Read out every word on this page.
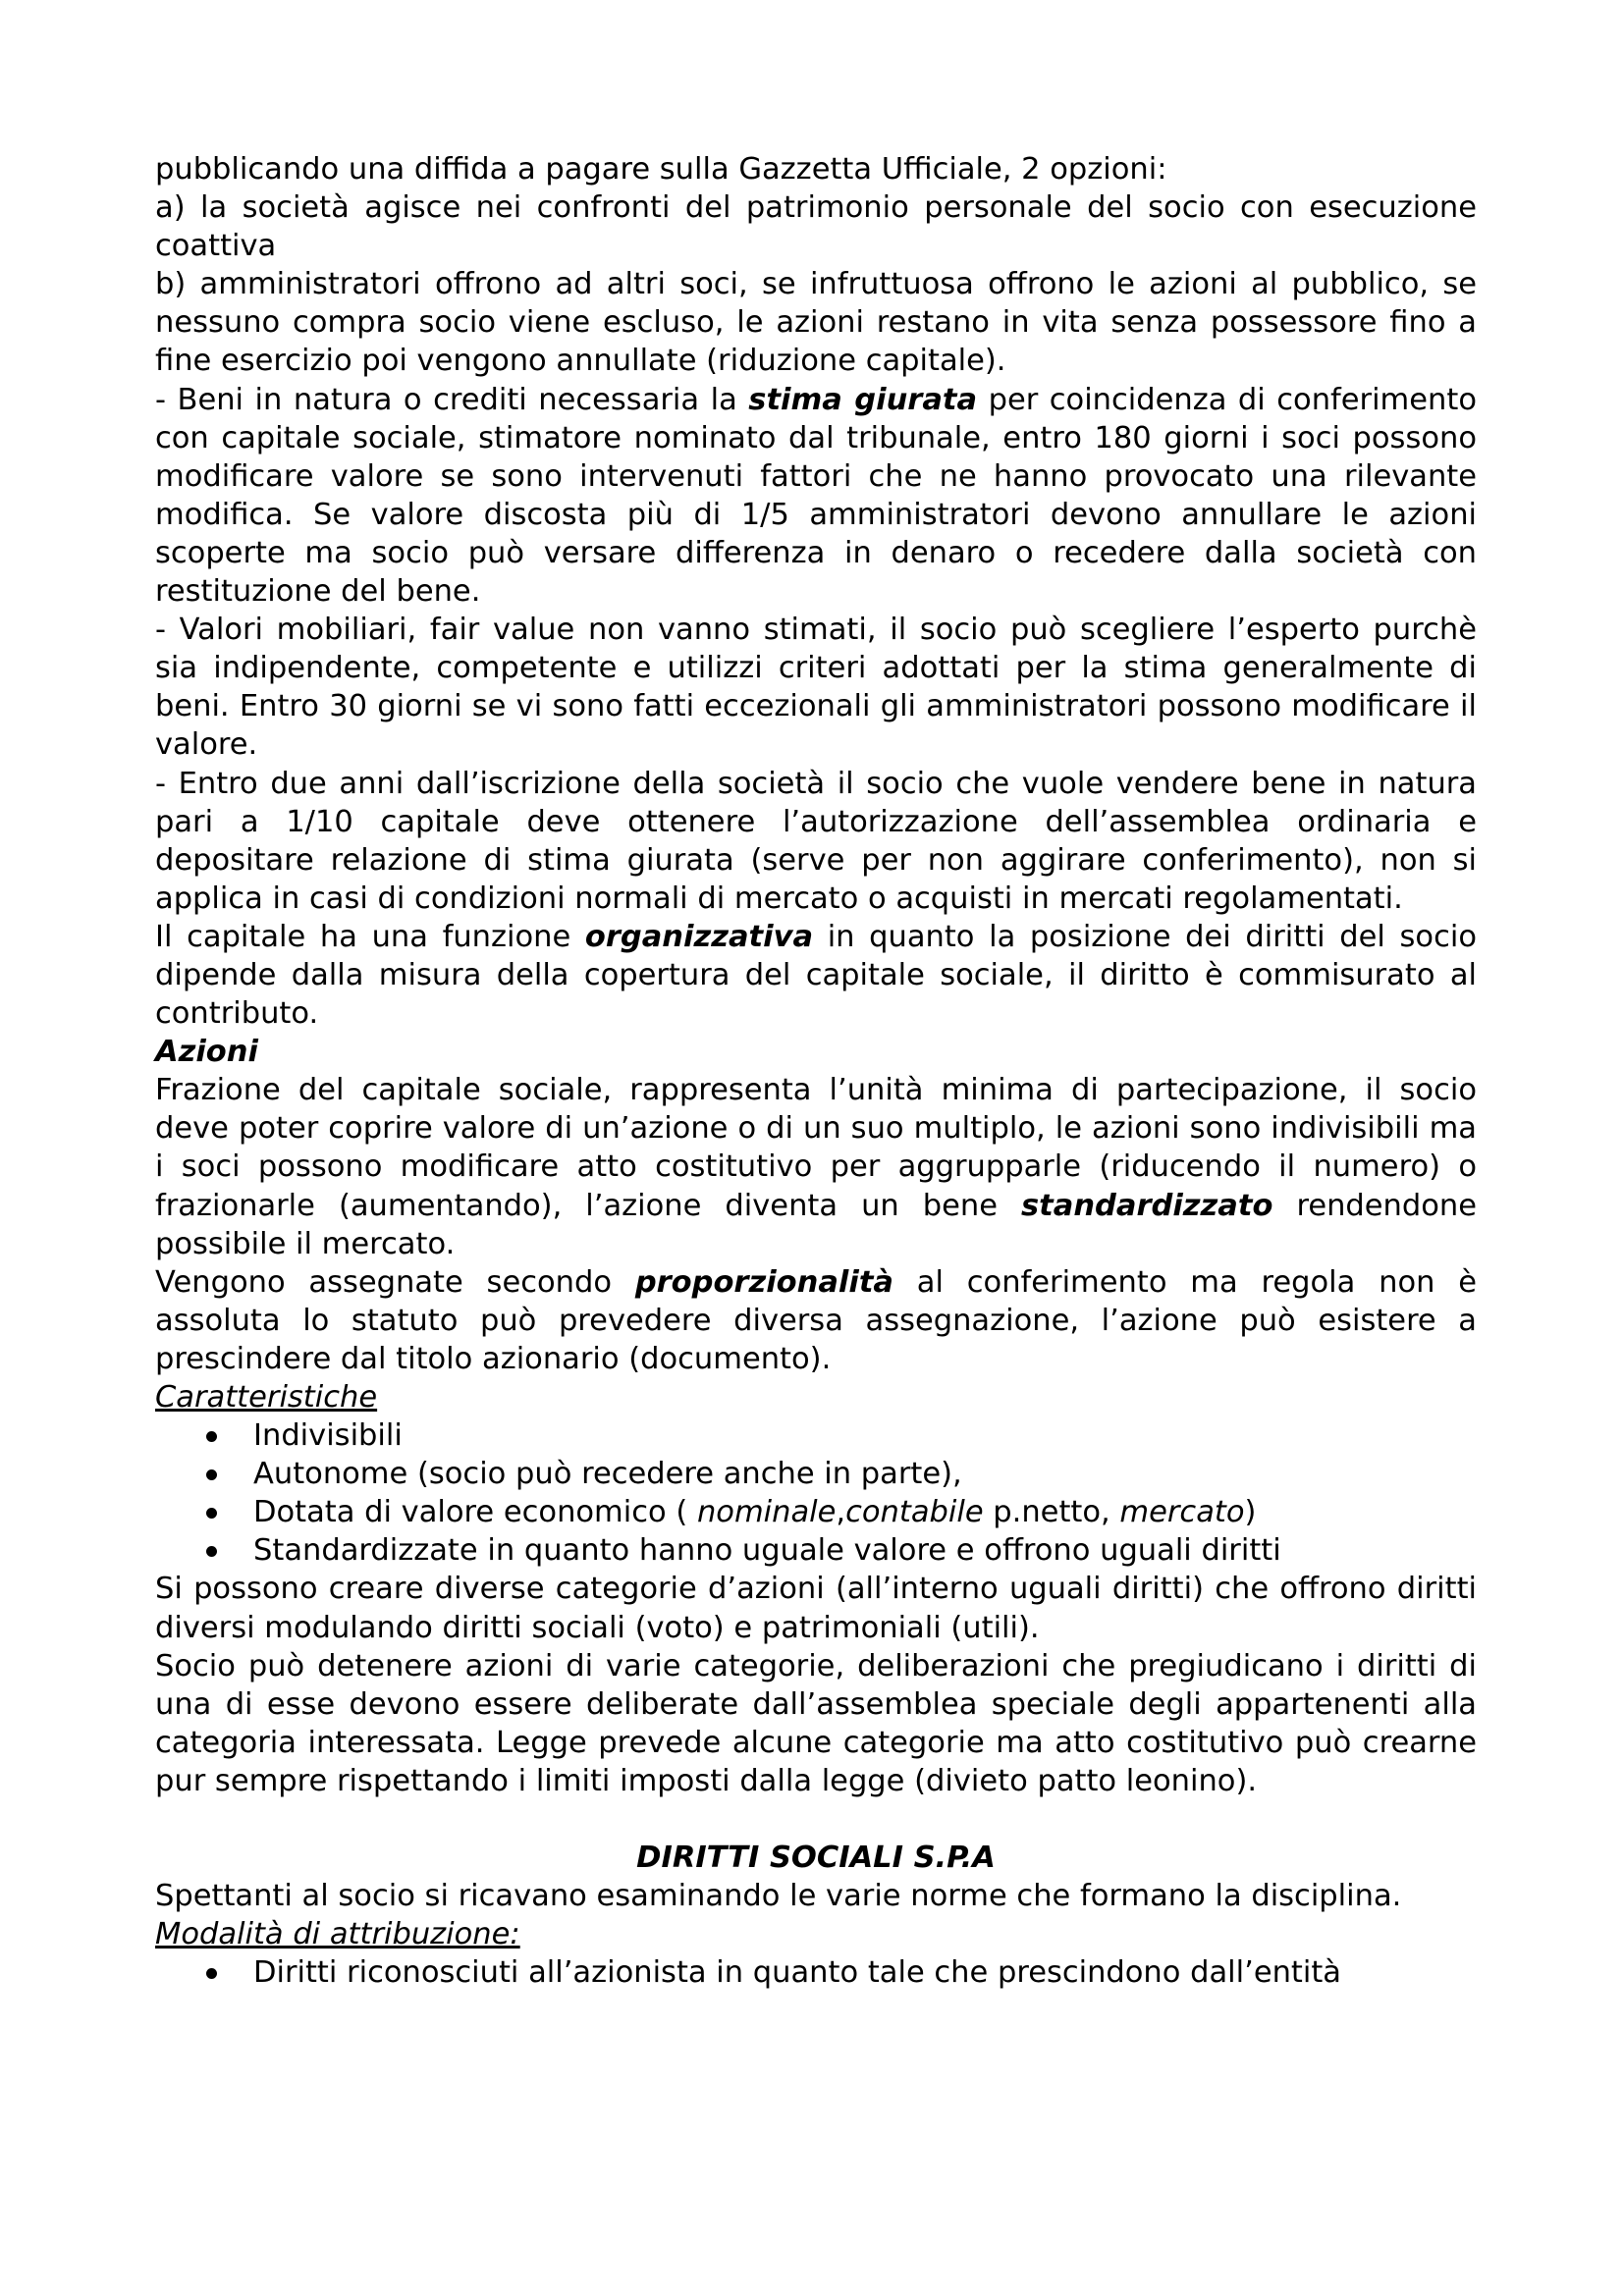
pubblicando una diffida a pagare sulla Gazzetta Ufficiale, 2 opzioni:

a) la società agisce nei confronti del patrimonio personale del socio con esecuzione coattiva

b) amministratori offrono ad altri soci, se infruttuosa offrono le azioni al pubblico, se nessuno compra socio viene escluso, le azioni restano in vita senza possessore fino a fine esercizio poi vengono annullate (riduzione capitale).

- Beni in natura o crediti necessaria la stima giurata per coincidenza di conferimento con capitale sociale, stimatore nominato dal tribunale, entro 180 giorni i soci possono modificare valore se sono intervenuti fattori che ne hanno provocato una rilevante modifica. Se valore discosta più di 1/5 amministratori devono annullare le azioni scoperte ma socio può versare differenza in denaro o recedere dalla società con restituzione del bene.

- Valori mobiliari, fair value non vanno stimati, il socio può scegliere l’esperto purchè sia indipendente, competente e utilizzi criteri adottati per la stima generalmente di beni. Entro 30 giorni se vi sono fatti eccezionali gli amministratori possono modificare il valore.

- Entro due anni dall’iscrizione della società il socio che vuole vendere bene in natura pari a 1/10 capitale deve ottenere l’autorizzazione dell’assemblea ordinaria e depositare relazione di stima giurata (serve per non aggirare conferimento), non si applica in casi di condizioni normali di mercato o acquisti in mercati regolamentati.

Il capitale ha una funzione organizzativa in quanto la posizione dei diritti del socio dipende dalla misura della copertura del capitale sociale, il diritto è commisurato al contributo.

Azioni

Frazione del capitale sociale, rappresenta l’unità minima di partecipazione, il socio deve poter coprire valore di un’azione o di un suo multiplo, le azioni sono indivisibili ma i soci possono modificare atto costitutivo per aggrupparle (riducendo il numero) o frazionarle (aumentando), l’azione diventa un bene standardizzato rendendone possibile il mercato.

Vengono assegnate secondo proporzionalità al conferimento ma regola non è assoluta lo statuto può prevedere diversa assegnazione, l’azione può esistere a prescindere dal titolo azionario (documento).

Caratteristiche

Indivisibili
Autonome (socio può recedere anche in parte),
Dotata di valore economico ( nominale,contabile p.netto, mercato)
Standardizzate in quanto hanno uguale valore e offrono uguali diritti

Si possono creare diverse categorie d’azioni (all’interno uguali diritti) che offrono diritti diversi modulando diritti sociali (voto) e patrimoniali (utili).

Socio può detenere azioni di varie categorie, deliberazioni che pregiudicano i diritti di una di esse devono essere deliberate dall’assemblea speciale degli appartenenti alla categoria interessata. Legge prevede alcune categorie ma atto costitutivo può crearne pur sempre rispettando i limiti imposti dalla legge (divieto patto leonino).

DIRITTI SOCIALI S.P.A

Spettanti al socio si ricavano esaminando le varie norme che formano la disciplina.

Modalità di attribuzione:

Diritti riconosciuti all’azionista in quanto tale che prescindono dall’entità
